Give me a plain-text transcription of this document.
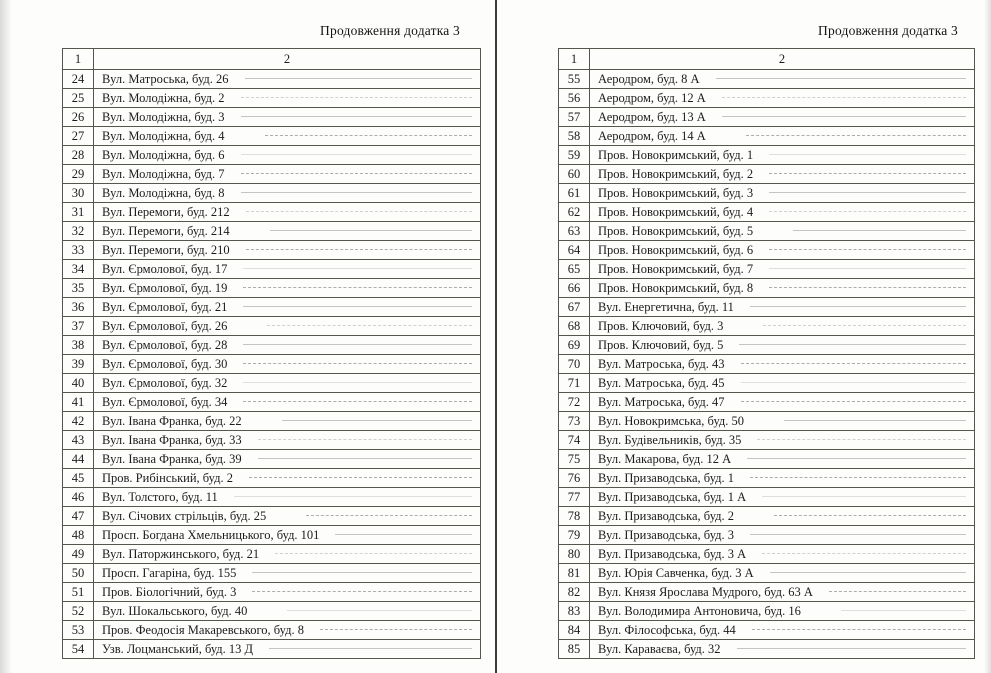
Продовження додатка 3
1	2
24	Вул. Матроська, буд. 26

25	Вул. Молодіжна, буд. 2

26	Вул. Молодіжна, буд. 3

27	Вул. Молодіжна, буд. 4

28	Вул. Молодіжна, буд. 6

29	Вул. Молодіжна, буд. 7

30	Вул. Молодіжна, буд. 8

31	Вул. Перемоги, буд. 212

32	Вул. Перемоги, буд. 214

33	Вул. Перемоги, буд. 210

34	Вул. Єрмолової, буд. 17

35	Вул. Єрмолової, буд. 19

36	Вул. Єрмолової, буд. 21

37	Вул. Єрмолової, буд. 26

38	Вул. Єрмолової, буд. 28

39	Вул. Єрмолової, буд. 30

40	Вул. Єрмолової, буд. 32

41	Вул. Єрмолової, буд. 34

42	Вул. Івана Франка, буд. 22

43	Вул. Івана Франка, буд. 33

44	Вул. Івана Франка, буд. 39

45	Пров. Рибінський, буд. 2

46	Вул. Толстого, буд. 11

47	Вул. Січових стрільців, буд. 25

48	Просп. Богдана Хмельницького, буд. 101

49	Вул. Паторжинського, буд. 21

50	Просп. Гагаріна, буд. 155

51	Пров. Біологічний, буд. 3

52	Вул. Шокальського, буд. 40

53	Пров. Феодосія Макаревського, буд. 8

54	Узв. Лоцманський, буд. 13 Д
Продовження додатка 3
1	2
55	Аеродром, буд. 8 А

56	Аеродром, буд. 12 А

57	Аеродром, буд. 13 А

58	Аеродром, буд. 14 А

59	Пров. Новокримський, буд. 1

60	Пров. Новокримський, буд. 2

61	Пров. Новокримський, буд. 3

62	Пров. Новокримський, буд. 4

63	Пров. Новокримський, буд. 5

64	Пров. Новокримський, буд. 6

65	Пров. Новокримський, буд. 7

66	Пров. Новокримський, буд. 8

67	Вул. Енергетична, буд. 11

68	Пров. Ключовий, буд. 3

69	Пров. Ключовий, буд. 5

70	Вул. Матроська, буд. 43

71	Вул. Матроська, буд. 45

72	Вул. Матроська, буд. 47

73	Вул. Новокримська, буд. 50

74	Вул. Будівельників, буд. 35

75	Вул. Макарова, буд. 12 А

76	Вул. Призаводська, буд. 1

77	Вул. Призаводська, буд. 1 А

78	Вул. Призаводська, буд. 2

79	Вул. Призаводська, буд. 3

80	Вул. Призаводська, буд. 3 А

81	Вул. Юрія Савченка, буд. 3 А

82	Вул. Князя Ярослава Мудрого, буд. 63 А

83	Вул. Володимира Антоновича, буд. 16

84	Вул. Філософська, буд. 44

85	Вул. Караваєва, буд. 32
